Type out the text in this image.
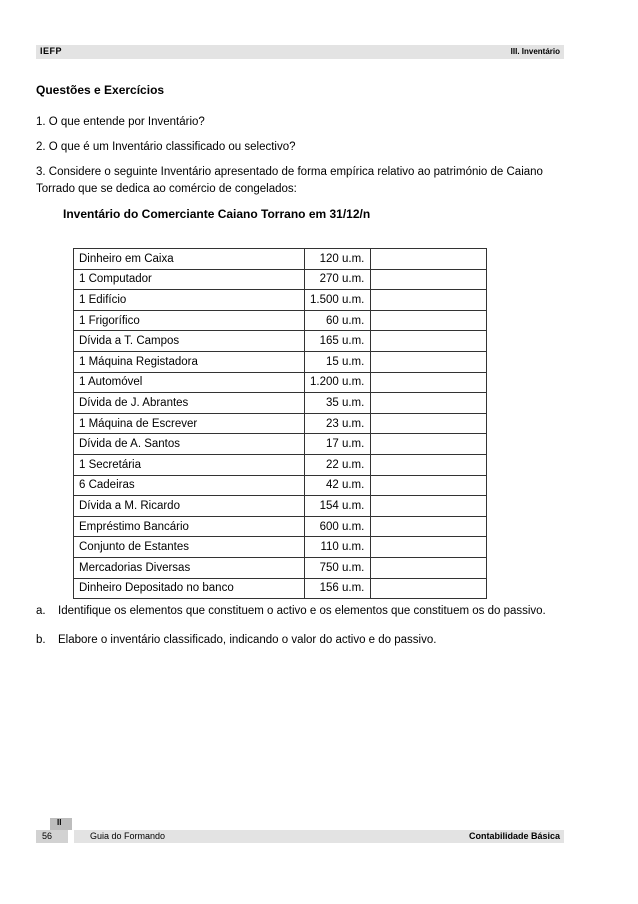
IEFP	III. Inventário
Questões e Exercícios
1. O que entende por Inventário?
2. O que é um Inventário classificado ou selectivo?
3. Considere o seguinte Inventário apresentado de forma empírica relativo ao património de Caiano
Torrado que se dedica ao comércio de congelados:
Inventário do Comerciante Caiano Torrano em 31/12/n
Dinheiro em Caixa	120 u.m.	
1 Computador	270 u.m.	
1 Edifício	1.500 u.m.	
1 Frigorífico	60 u.m.	
Dívida a T. Campos	165 u.m.	
1 Máquina Registadora	15 u.m.	
1 Automóvel	1.200 u.m.	
Dívida de J. Abrantes	35 u.m.	
1 Máquina de Escrever	23 u.m.	
Dívida de A. Santos	17 u.m.	
1 Secretária	22 u.m.	
6 Cadeiras	42 u.m.	
Dívida a M. Ricardo	154 u.m.	
Empréstimo Bancário	600 u.m.	
Conjunto de Estantes	110 u.m.	
Mercadorias Diversas	750 u.m.	
Dinheiro Depositado no banco	156 u.m.	
a. Identifique os elementos que constituem o activo e os elementos que constituem os do passivo.
b. Elabore o inventário classificado, indicando o valor do activo e do passivo.
II
56	Guia do Formando	Contabilidade Básica
